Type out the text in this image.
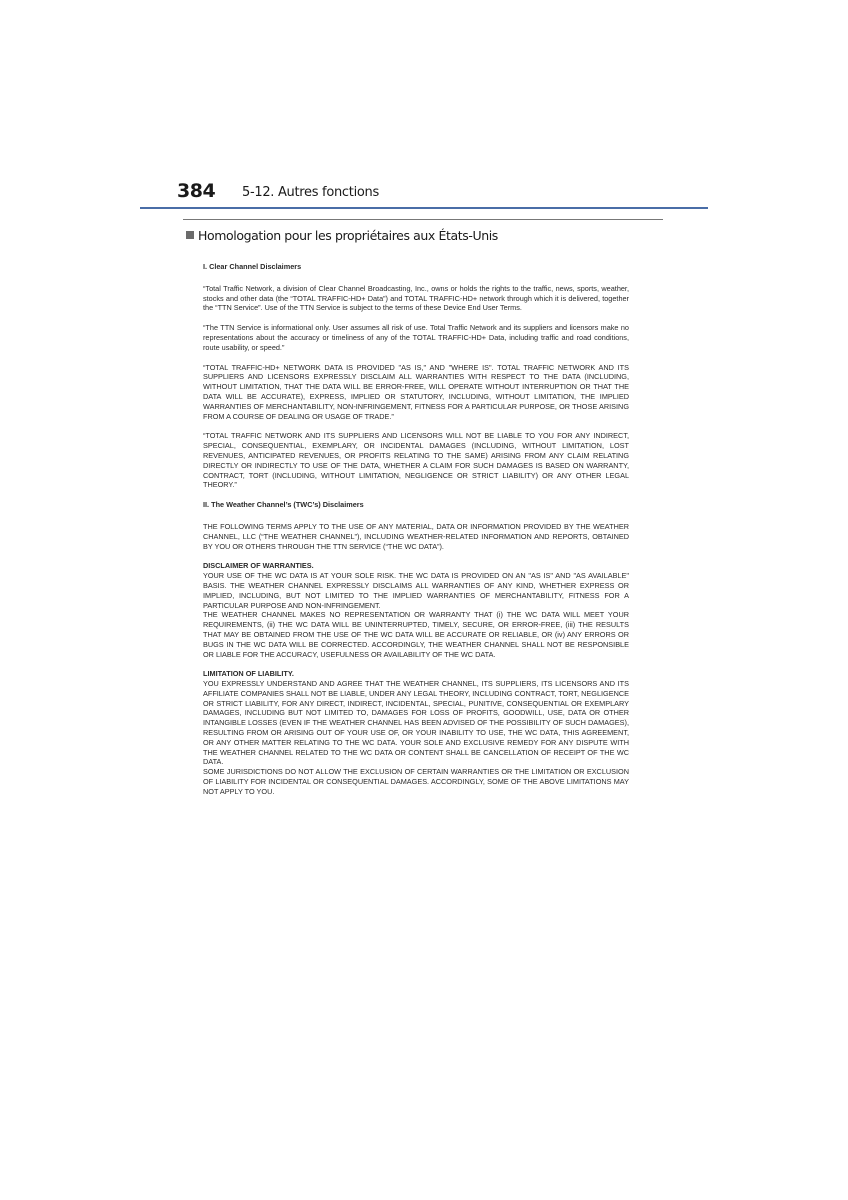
384 5-12. Autres fonctions
Homologation pour les propriétaires aux États-Unis

I. Clear Channel Disclaimers

“Total Traffic Network, a division of Clear Channel Broadcasting, Inc., owns or holds the rights to the traffic, news, sports, weather, stocks and other data (the “TOTAL TRAFFIC-HD+ Data”) and TOTAL TRAFFIC-HD+ network through which it is delivered, together the “TTN Service”. Use of the TTN Service is subject to the terms of these Device End User Terms.

“The TTN Service is informational only. User assumes all risk of use. Total Traffic Network and its suppliers and licensors make no representations about the accuracy or timeliness of any of the TOTAL TRAFFIC-HD+ Data, including traffic and road conditions, route usability, or speed.”

“TOTAL TRAFFIC-HD+ NETWORK DATA IS PROVIDED "AS IS," AND "WHERE IS". TOTAL TRAFFIC NETWORK AND ITS SUPPLIERS AND LICENSORS EXPRESSLY DISCLAIM ALL WARRANTIES WITH RESPECT TO THE DATA (INCLUDING, WITHOUT LIMITATION, THAT THE DATA WILL BE ERROR-FREE, WILL OPERATE WITHOUT INTERRUPTION OR THAT THE DATA WILL BE ACCURATE), EXPRESS, IMPLIED OR STATUTORY, INCLUDING, WITHOUT LIMITATION, THE IMPLIED WARRANTIES OF MERCHANTABILITY, NON-INFRINGEMENT, FITNESS FOR A PARTICULAR PURPOSE, OR THOSE ARISING FROM A COURSE OF DEALING OR USAGE OF TRADE.”

“TOTAL TRAFFIC NETWORK AND ITS SUPPLIERS AND LICENSORS WILL NOT BE LIABLE TO YOU FOR ANY INDIRECT, SPECIAL, CONSEQUENTIAL, EXEMPLARY, OR INCIDENTAL DAMAGES (INCLUDING, WITHOUT LIMITATION, LOST REVENUES, ANTICIPATED REVENUES, OR PROFITS RELATING TO THE SAME) ARISING FROM ANY CLAIM RELATING DIRECTLY OR INDIRECTLY TO USE OF THE DATA, WHETHER A CLAIM FOR SUCH DAMAGES IS BASED ON WARRANTY, CONTRACT, TORT (INCLUDING, WITHOUT LIMITATION, NEGLIGENCE OR STRICT LIABILITY) OR ANY OTHER LEGAL THEORY.”

II. The Weather Channel’s (TWC’s) Disclaimers

THE FOLLOWING TERMS APPLY TO THE USE OF ANY MATERIAL, DATA OR INFORMATION PROVIDED BY THE WEATHER CHANNEL, LLC (“THE WEATHER CHANNEL”), INCLUDING WEATHER-RELATED INFORMATION AND REPORTS, OBTAINED BY YOU OR OTHERS THROUGH THE TTN SERVICE (“THE WC DATA”).

DISCLAIMER OF WARRANTIES.

YOUR USE OF THE WC DATA IS AT YOUR SOLE RISK. THE WC DATA IS PROVIDED ON AN "AS IS" AND "AS AVAILABLE" BASIS. THE WEATHER CHANNEL EXPRESSLY DISCLAIMS ALL WARRANTIES OF ANY KIND, WHETHER EXPRESS OR IMPLIED, INCLUDING, BUT NOT LIMITED TO THE IMPLIED WARRANTIES OF MERCHANTABILITY, FITNESS FOR A PARTICULAR PURPOSE AND NON-INFRINGEMENT.

THE WEATHER CHANNEL MAKES NO REPRESENTATION OR WARRANTY THAT (i) THE WC DATA WILL MEET YOUR REQUIREMENTS, (ii) THE WC DATA WILL BE UNINTERRUPTED, TIMELY, SECURE, OR ERROR-FREE, (iii) THE RESULTS THAT MAY BE OBTAINED FROM THE USE OF THE WC DATA WILL BE ACCURATE OR RELIABLE, OR (iv) ANY ERRORS OR BUGS IN THE WC DATA WILL BE CORRECTED. ACCORDINGLY, THE WEATHER CHANNEL SHALL NOT BE RESPONSIBLE OR LIABLE FOR THE ACCURACY, USEFULNESS OR AVAILABILITY OF THE WC DATA.

LIMITATION OF LIABILITY.

YOU EXPRESSLY UNDERSTAND AND AGREE THAT THE WEATHER CHANNEL, ITS SUPPLIERS, ITS LICENSORS AND ITS AFFILIATE COMPANIES SHALL NOT BE LIABLE, UNDER ANY LEGAL THEORY, INCLUDING CONTRACT, TORT, NEGLIGENCE OR STRICT LIABILITY, FOR ANY DIRECT, INDIRECT, INCIDENTAL, SPECIAL, PUNITIVE, CONSEQUENTIAL OR EXEMPLARY DAMAGES, INCLUDING BUT NOT LIMITED TO, DAMAGES FOR LOSS OF PROFITS, GOODWILL, USE, DATA OR OTHER INTANGIBLE LOSSES (EVEN IF THE WEATHER CHANNEL HAS BEEN ADVISED OF THE POSSIBILITY OF SUCH DAMAGES), RESULTING FROM OR ARISING OUT OF YOUR USE OF, OR YOUR INABILITY TO USE, THE WC DATA, THIS AGREEMENT, OR ANY OTHER MATTER RELATING TO THE WC DATA. YOUR SOLE AND EXCLUSIVE REMEDY FOR ANY DISPUTE WITH THE WEATHER CHANNEL RELATED TO THE WC DATA OR CONTENT SHALL BE CANCELLATION OF RECEIPT OF THE WC DATA.

SOME JURISDICTIONS DO NOT ALLOW THE EXCLUSION OF CERTAIN WARRANTIES OR THE LIMITATION OR EXCLUSION OF LIABILITY FOR INCIDENTAL OR CONSEQUENTIAL DAMAGES. ACCORDINGLY, SOME OF THE ABOVE LIMITATIONS MAY NOT APPLY TO YOU.
